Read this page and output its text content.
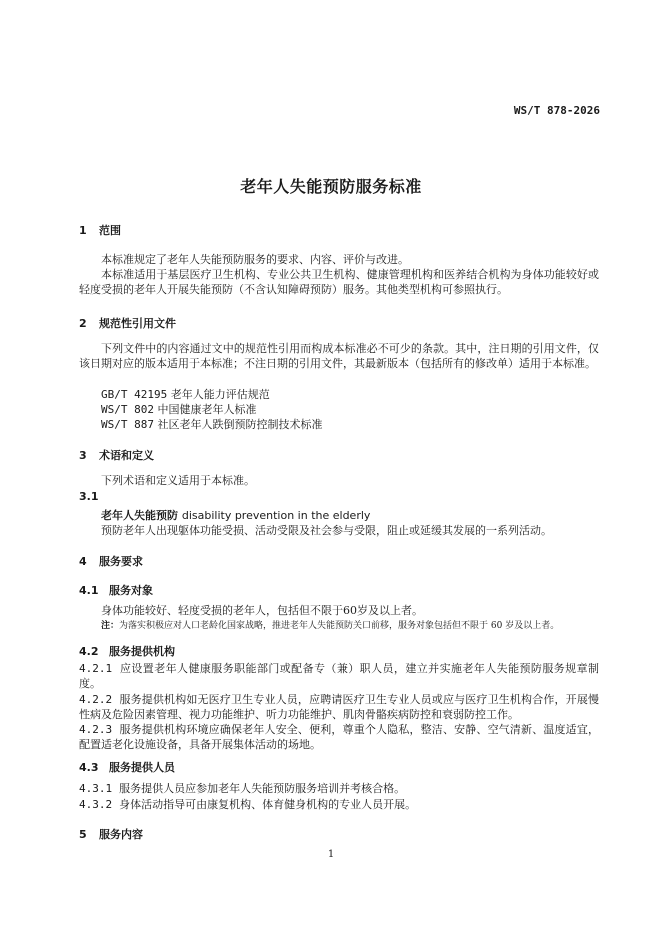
WS/T 878-2026
老年人失能预防服务标准
1 范围
本标准规定了老年人失能预防服务的要求、内容、评价与改进。
本标准适用于基层医疗卫生机构、专业公共卫生机构、健康管理机构和医养结合机构为身体功能较好或轻度受损的老年人开展失能预防（不含认知障碍预防）服务。其他类型机构可参照执行。
2 规范性引用文件
下列文件中的内容通过文中的规范性引用而构成本标准必不可少的条款。其中，注日期的引用文件，仅该日期对应的版本适用于本标准；不注日期的引用文件，其最新版本（包括所有的修改单）适用于本标准。
GB/T 42195 老年人能力评估规范
WS/T 802 中国健康老年人标准
WS/T 887 社区老年人跌倒预防控制技术标准
3 术语和定义
下列术语和定义适用于本标准。
3.1
老年人失能预防 disability prevention in the elderly
预防老年人出现躯体功能受损、活动受限及社会参与受限，阻止或延缓其发展的一系列活动。
4 服务要求
4.1 服务对象
身体功能较好、轻度受损的老年人，包括但不限于60岁及以上者。
注：为落实积极应对人口老龄化国家战略，推进老年人失能预防关口前移，服务对象包括但不限于 60 岁及以上者。
4.2 服务提供机构
4.2.1 应设置老年人健康服务职能部门或配备专（兼）职人员，建立并实施老年人失能预防服务规章制度。
4.2.2 服务提供机构如无医疗卫生专业人员，应聘请医疗卫生专业人员或应与医疗卫生机构合作，开展慢性病及危险因素管理、视力功能维护、听力功能维护、肌肉骨骼疾病防控和衰弱防控工作。
4.2.3 服务提供机构环境应确保老年人安全、便利，尊重个人隐私，整洁、安静、空气清新、温度适宜，配置适老化设施设备，具备开展集体活动的场地。
4.3 服务提供人员
4.3.1 服务提供人员应参加老年人失能预防服务培训并考核合格。
4.3.2 身体活动指导可由康复机构、体育健身机构的专业人员开展。
5 服务内容
1
